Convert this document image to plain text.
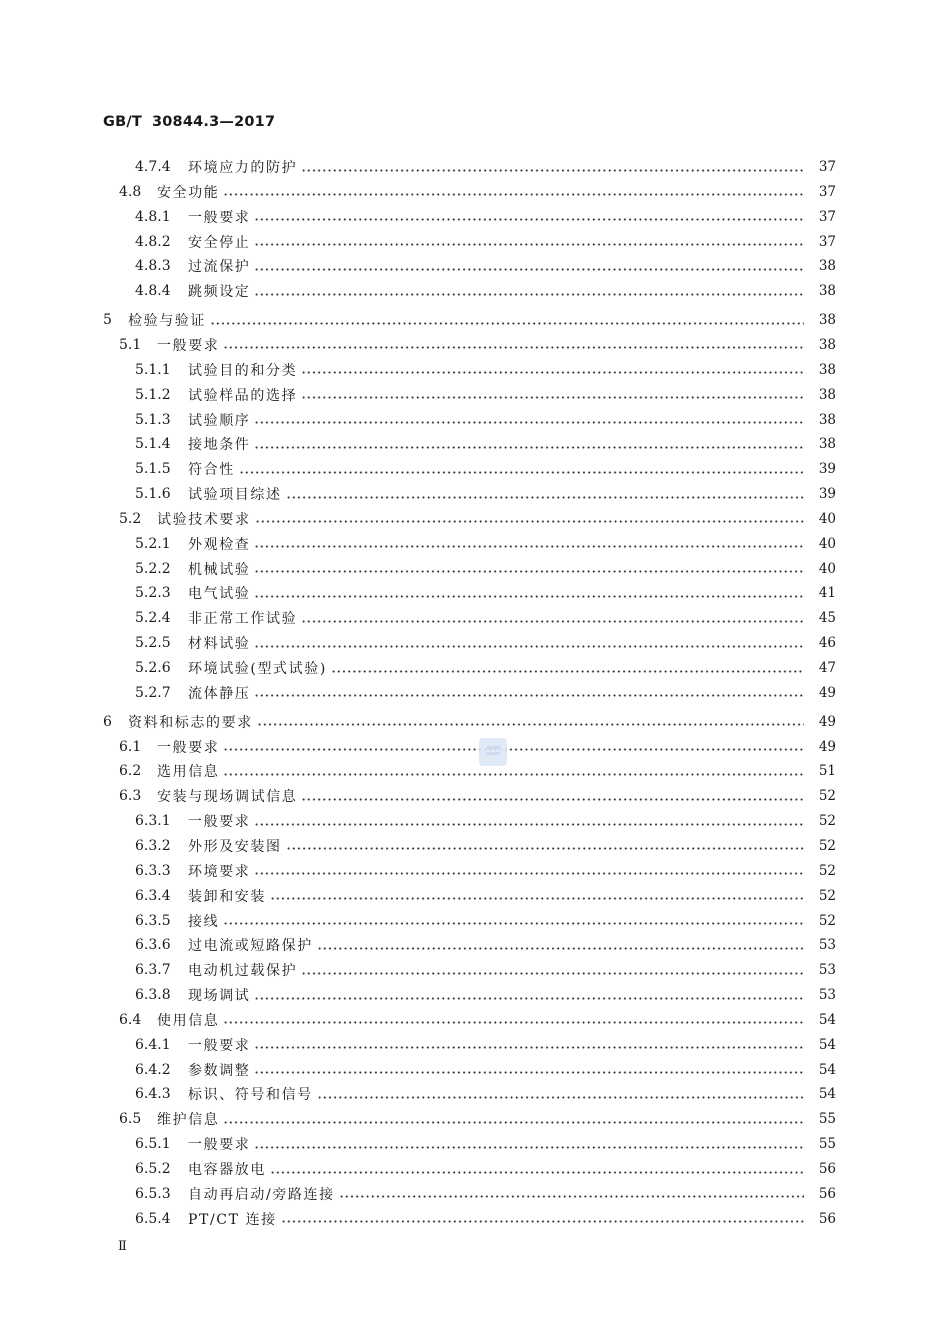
GB/T 30844.3—2017
4.7.4	环境应力的防护	37
4.8	安全功能	37
4.8.1	一般要求	37
4.8.2	安全停止	37
4.8.3	过流保护	38
4.8.4	跳频设定	38
5	检验与验证	38
5.1	一般要求	38
5.1.1	试验目的和分类	38
5.1.2	试验样品的选择	38
5.1.3	试验顺序	38
5.1.4	接地条件	38
5.1.5	符合性	39
5.1.6	试验项目综述	39
5.2	试验技术要求	40
5.2.1	外观检查	40
5.2.2	机械试验	40
5.2.3	电气试验	41
5.2.4	非正常工作试验	45
5.2.5	材料试验	46
5.2.6	环境试验(型式试验)	47
5.2.7	流体静压	49
6	资料和标志的要求	49
6.1	一般要求	49
6.2	选用信息	51
6.3	安装与现场调试信息	52
6.3.1	一般要求	52
6.3.2	外形及安装图	52
6.3.3	环境要求	52
6.3.4	装卸和安装	52
6.3.5	接线	52
6.3.6	过电流或短路保护	53
6.3.7	电动机过载保护	53
6.3.8	现场调试	53
6.4	使用信息	54
6.4.1	一般要求	54
6.4.2	参数调整	54
6.4.3	标识、符号和信号	54
6.5	维护信息	55
6.5.1	一般要求	55
6.5.2	电容器放电	56
6.5.3	自动再启动/旁路连接	56
6.5.4	PT/CT 连接	56
Ⅱ
